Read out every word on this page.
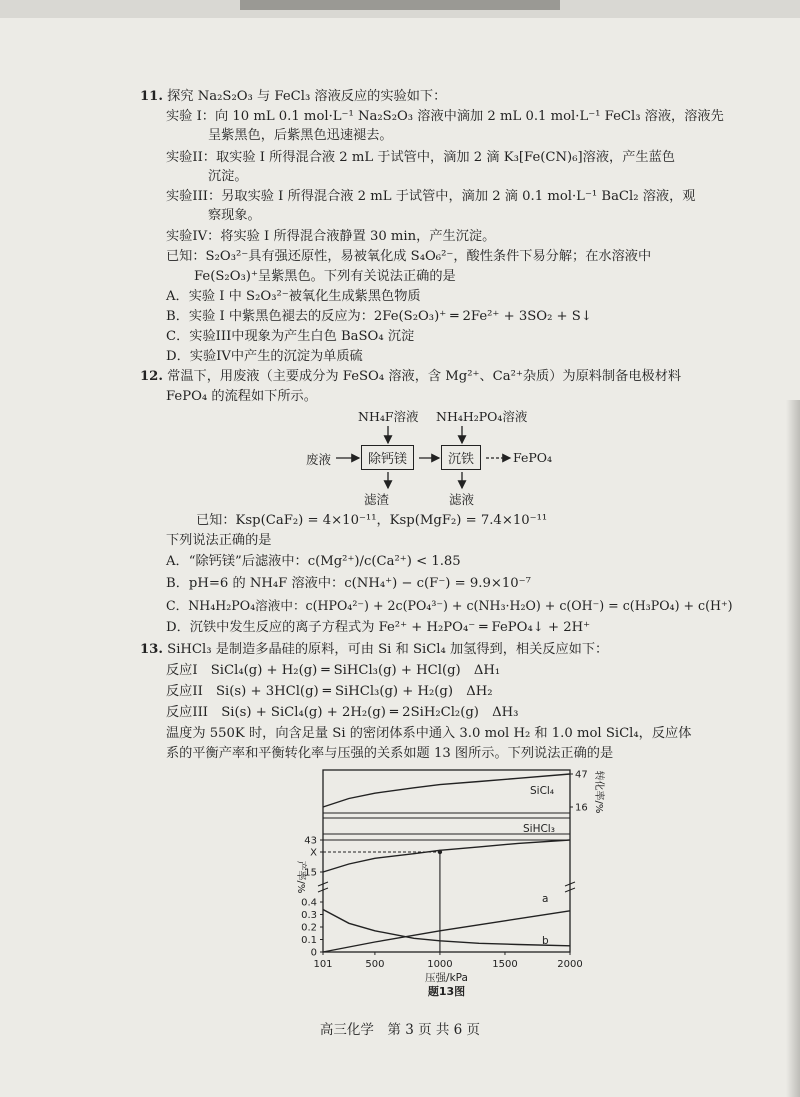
11. 探究 Na₂S₂O₃ 与 FeCl₃ 溶液反应的实验如下：
实验 I：向 10 mL 0.1 mol·L⁻¹ Na₂S₂O₃ 溶液中滴加 2 mL 0.1 mol·L⁻¹ FeCl₃ 溶液，溶液先
呈紫黑色，后紫黑色迅速褪去。
实验II：取实验 I 所得混合液 2 mL 于试管中，滴加 2 滴 K₃[Fe(CN)₆]溶液，产生蓝色
沉淀。
实验III：另取实验 I 所得混合液 2 mL 于试管中，滴加 2 滴 0.1 mol·L⁻¹ BaCl₂ 溶液，观
察现象。
实验IV：将实验 I 所得混合液静置 30 min，产生沉淀。
已知：S₂O₃²⁻具有强还原性，易被氧化成 S₄O₆²⁻，酸性条件下易分解；在水溶液中
Fe(S₂O₃)⁺呈紫黑色。下列有关说法正确的是
A．实验 I 中 S₂O₃²⁻被氧化生成紫黑色物质
B．实验 I 中紫黑色褪去的反应为：2Fe(S₂O₃)⁺ ═ 2Fe²⁺ + 3SO₂ + S↓
C．实验III中现象为产生白色 BaSO₄ 沉淀
D．实验IV中产生的沉淀为单质硫
12. 常温下，用废液（主要成分为 FeSO₄ 溶液，含 Mg²⁺、Ca²⁺杂质）为原料制备电极材料
FePO₄ 的流程如下所示。
NH₄F溶液 NH₄H₂PO₄溶液
废液	除钙镁	沉铁	FePO₄
滤渣	滤液
已知：Ksp(CaF₂) = 4×10⁻¹¹，Ksp(MgF₂) = 7.4×10⁻¹¹
下列说法正确的是
A．“除钙镁”后滤液中：c(Mg²⁺)/c(Ca²⁺) < 1.85
B．pH=6 的 NH₄F 溶液中：c(NH₄⁺) − c(F⁻) = 9.9×10⁻⁷
C．NH₄H₂PO₄溶液中：c(HPO₄²⁻) + 2c(PO₄³⁻) + c(NH₃·H₂O) + c(OH⁻) = c(H₃PO₄) + c(H⁺)
D．沉铁中发生反应的离子方程式为 Fe²⁺ + H₂PO₄⁻ ═ FePO₄↓ + 2H⁺
13. SiHCl₃ 是制造多晶硅的原料，可由 Si 和 SiCl₄ 加氢得到，相关反应如下：
反应I　SiCl₄(g) + H₂(g) ═ SiHCl₃(g) + HCl(g)　ΔH₁
反应II　Si(s) + 3HCl(g) ═ SiHCl₃(g) + H₂(g)　ΔH₂
反应III　Si(s) + SiCl₄(g) + 2H₂(g) ═ 2SiH₂Cl₂(g)　ΔH₃
温度为 550K 时，向含足量 Si 的密闭体系中通入 3.0 mol H₂ 和 1.0 mol SiCl₄，反应体
系的平衡产率和平衡转化率与压强的关系如题 13 图所示。下列说法正确的是
43
X
15
0.4
0.3
0.2
0.1
0
47
16
101	500	1000	1500	2000
压强/kPa
产率/%
转化率/%
题13图
SiCl₄
SiHCl₃
a
b
高三化学　第 3 页 共 6 页
